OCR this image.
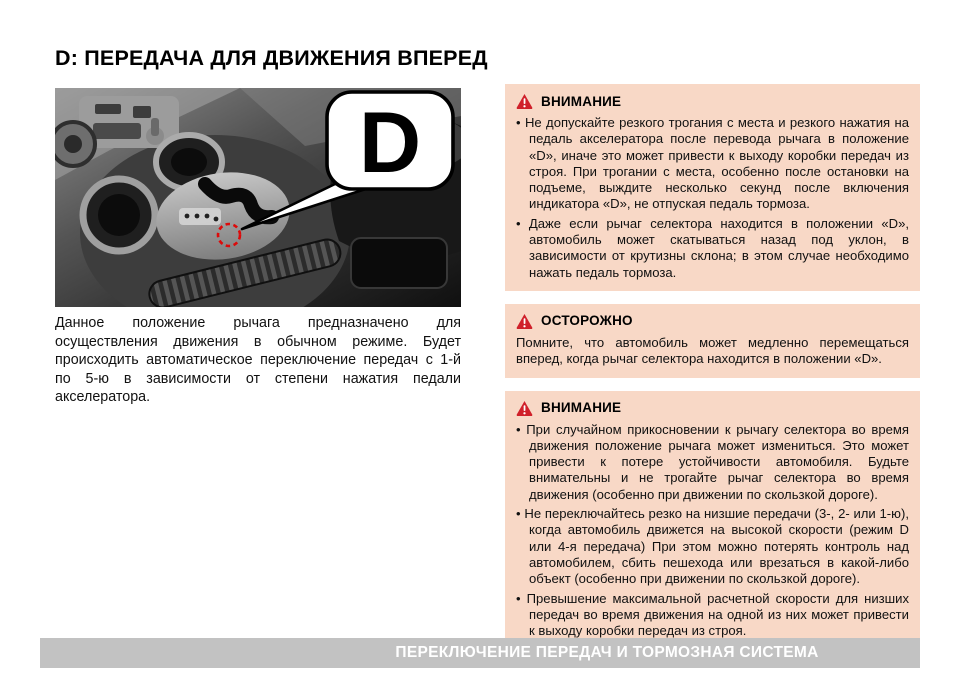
D: ПЕРЕДАЧА ДЛЯ ДВИЖЕНИЯ ВПЕРЕД
D

Данное положение рычага предназначено для осуществления движения в обычном режиме. Будет происходить автоматическое переключение передач с 1-й по 5-ю в зависимости от степени нажатия педали акселератора.

ВНИМАНИЕ
• Не допускайте резкого трогания с места и резкого нажатия на педаль акселератора после перевода рычага в положение «D», иначе это может привести к выходу коробки передач из строя. При трогании с места, особенно после остановки на подъеме, выждите несколько секунд после включения индикатора «D», не отпуская педаль тормоза.
• Даже если рычаг селектора находится в положении «D», автомобиль может скатываться назад под уклон, в зависимости от крутизны склона; в этом случае необходимо нажать педаль тормоза.
ОСТОРОЖНО

Помните, что автомобиль может медленно перемещаться вперед, когда рычаг селектора находится в положении «D».

ВНИМАНИЕ
• При случайном прикосновении к рычагу селектора во время движения положение рычага может измениться. Это может привести к потере устойчивости автомобиля. Будьте внимательны и не трогайте рычаг селектора во время движения (особенно при движении по скользкой дороге).
• Не переключайтесь резко на низшие передачи (3-, 2- или 1-ю), когда автомобиль движется на высокой скорости (режим D или 4-я передача) При этом можно потерять контроль над автомобилем, сбить пешехода или врезаться в какой-либо объект (особенно при движении по скользкой дороге).
• Превышение максимальной расчетной скорости для низших передач во время движения на одной из них может привести к выходу коробки передач из строя.
ПЕРЕКЛЮЧЕНИЕ ПЕРЕДАЧ И ТОРМОЗНАЯ СИСТЕМА
